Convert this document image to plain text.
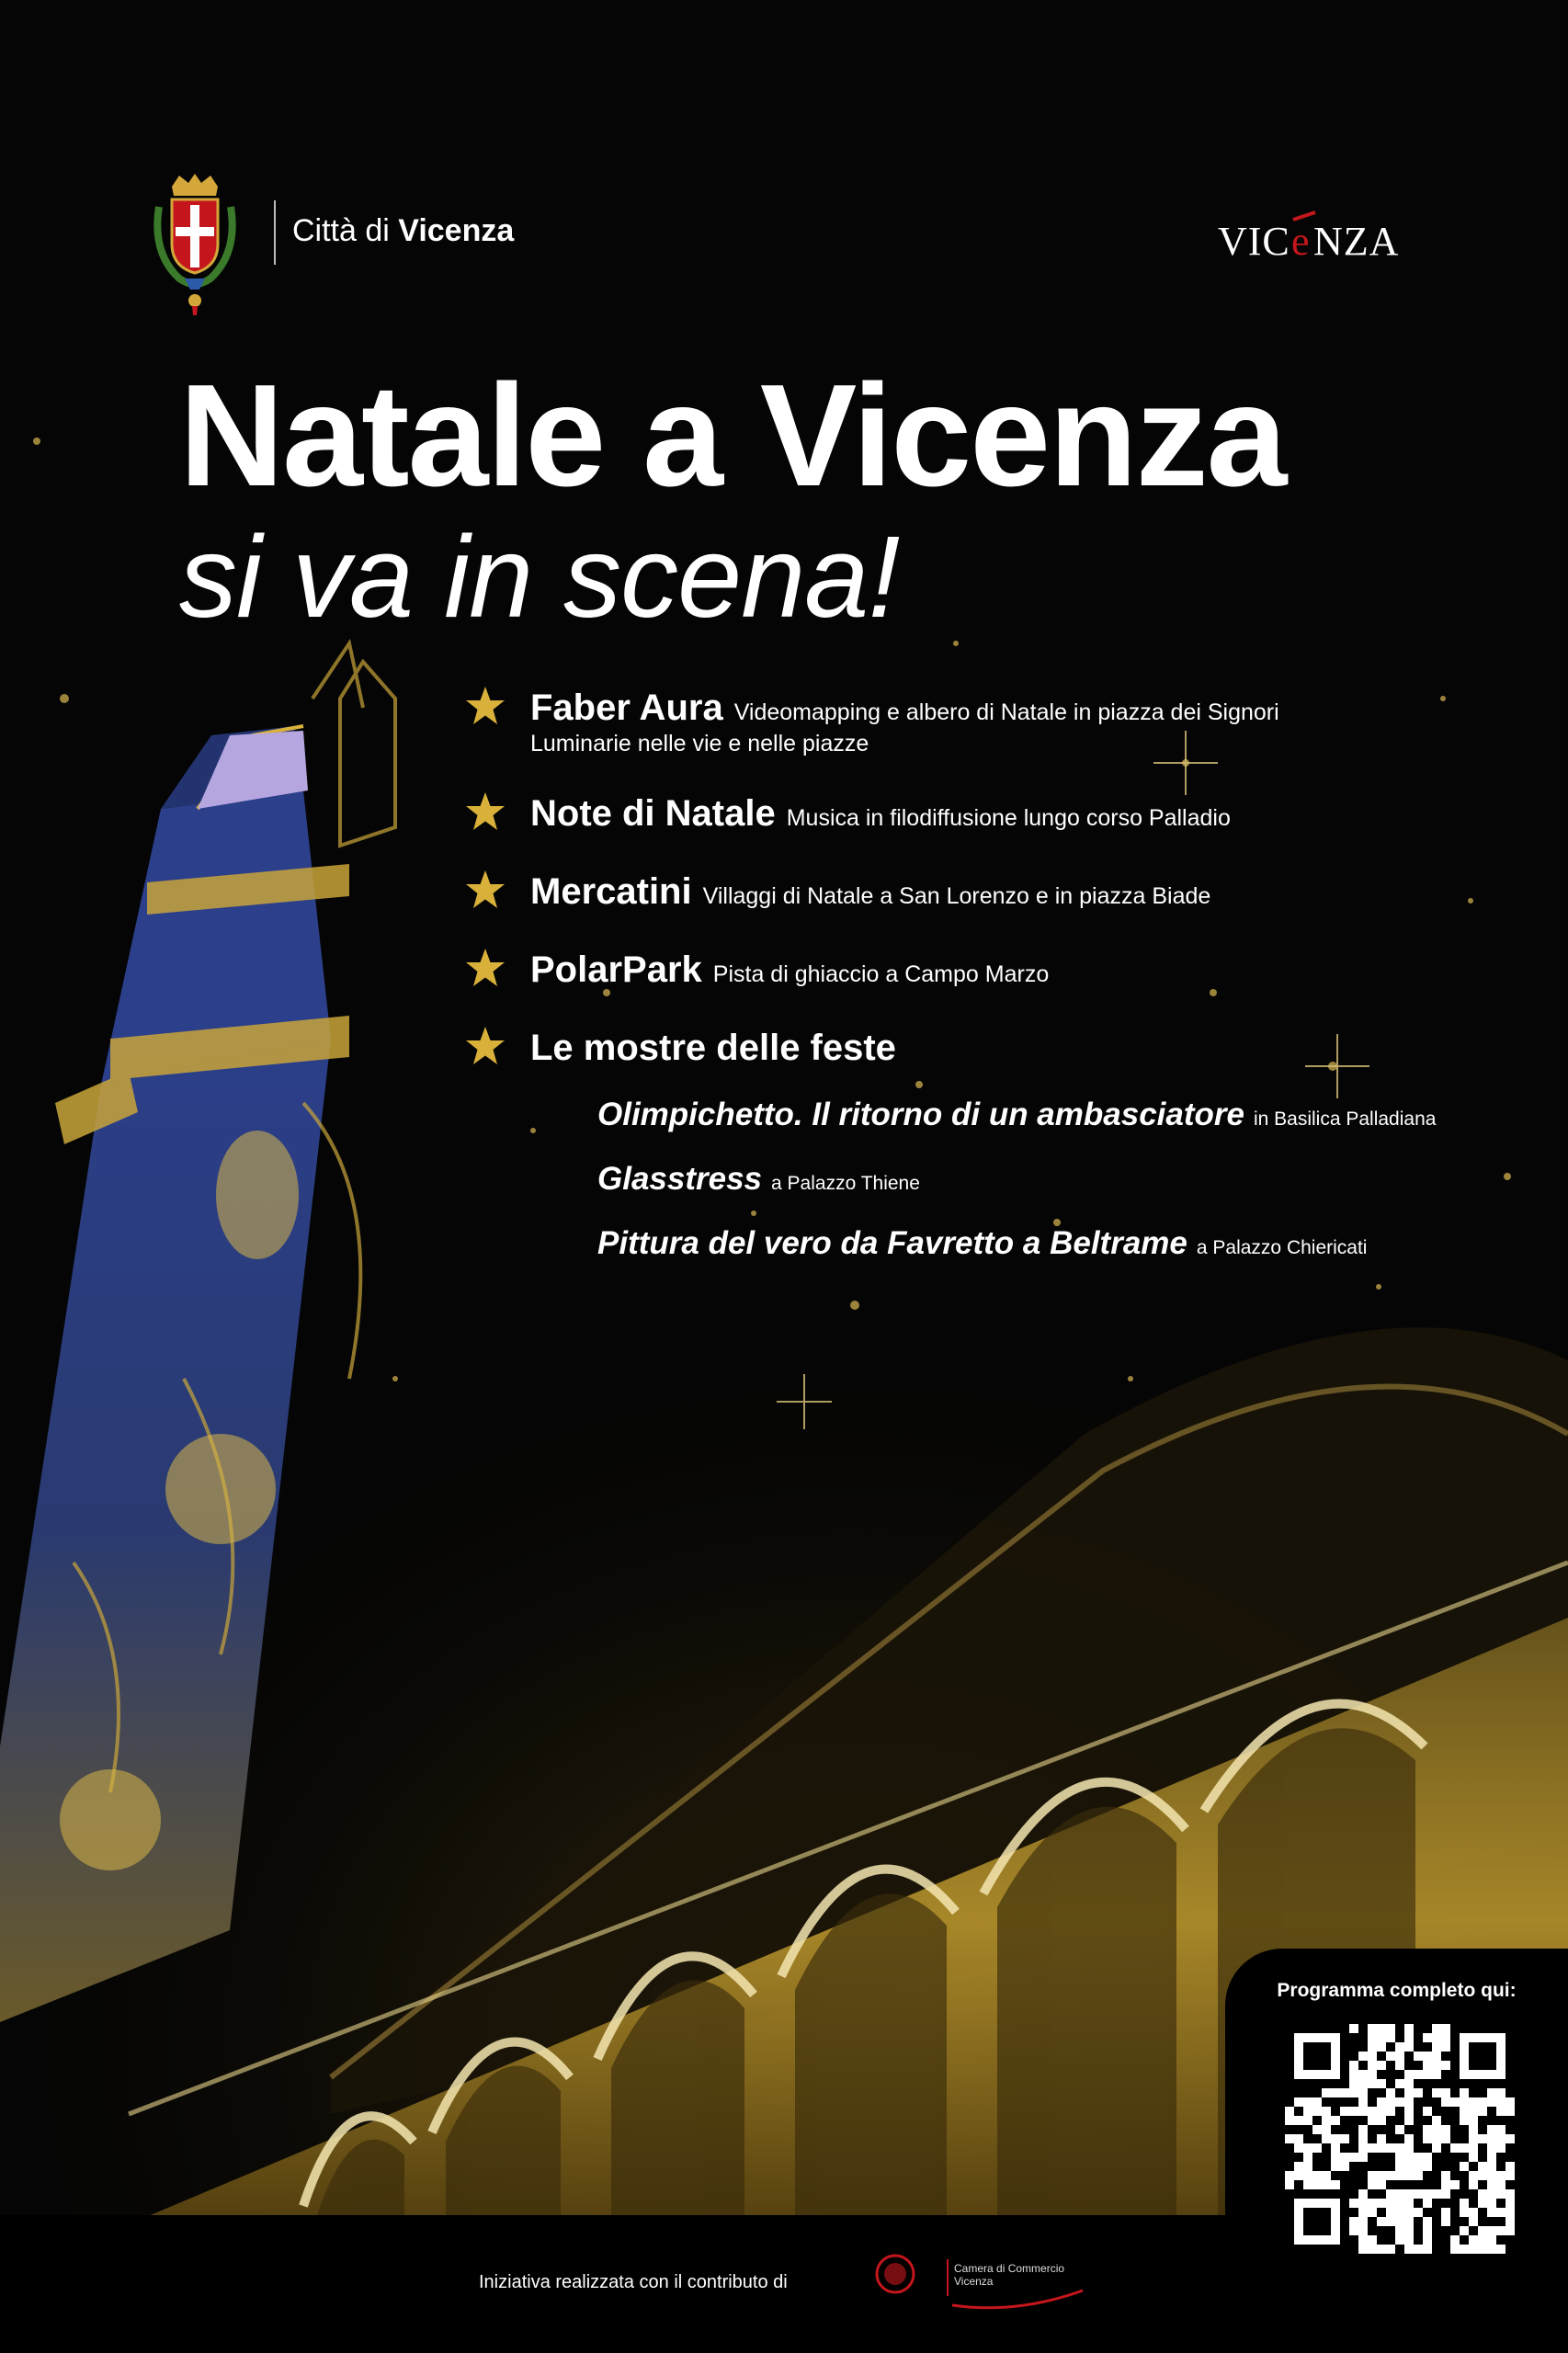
Città di Vicenza	VIC e NZA
Natale a Vicenza
si va in scena!
Faber Aura Videomapping e albero di Natale in piazza dei Signori
Luminarie nelle vie e nelle piazze
Note di Natale Musica in filodiffusione lungo corso Palladio
Mercatini Villaggi di Natale a San Lorenzo e in piazza Biade
PolarPark Pista di ghiaccio a Campo Marzo
Le mostre delle feste
Olimpichetto. Il ritorno di un ambasciatore in Basilica Palladiana
Glasstress a Palazzo Thiene
Pittura del vero da Favretto a Beltrame a Palazzo Chiericati
Iniziativa realizzata con il contributo di
Camera di Commercio
Vicenza
Programma completo qui:
